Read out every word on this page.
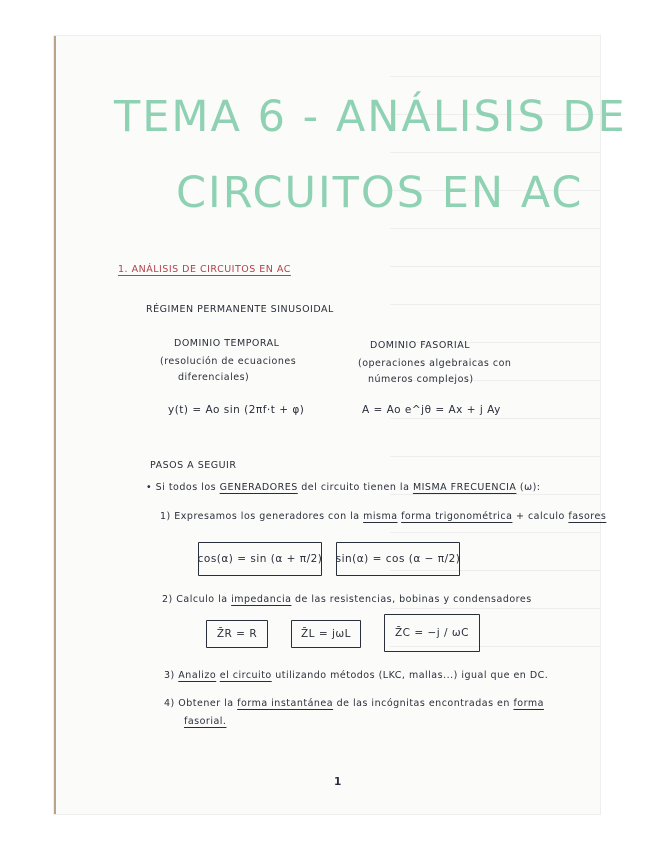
TEMA 6 - ANÁLISIS DE
CIRCUITOS EN AC
1. ANÁLISIS DE CIRCUITOS EN AC
RÉGIMEN PERMANENTE SINUSOIDAL
DOMINIO TEMPORAL
(resolución de ecuaciones
diferenciales)
y(t) = Ao sin (2πf·t + φ)
DOMINIO FASORIAL
(operaciones algebraicas con
números complejos)
A = Ao e^jθ = Ax + j Ay
PASOS A SEGUIR
• Si todos los GENERADORES del circuito tienen la MISMA FRECUENCIA (ω):
1) Expresamos los generadores con la misma forma trigonométrica + calculo fasores
cos(α) = sin (α + π/2) sin(α) = cos (α − π/2)
2) Calculo la impedancia de las resistencias, bobinas y condensadores
Z̄R = R	Z̄L = jωL	Z̄C = −j / ωC
3) Analizo el circuito utilizando métodos (LKC, mallas...) igual que en DC.
4) Obtener la forma instantánea de las incógnitas encontradas en forma
fasorial.
1
